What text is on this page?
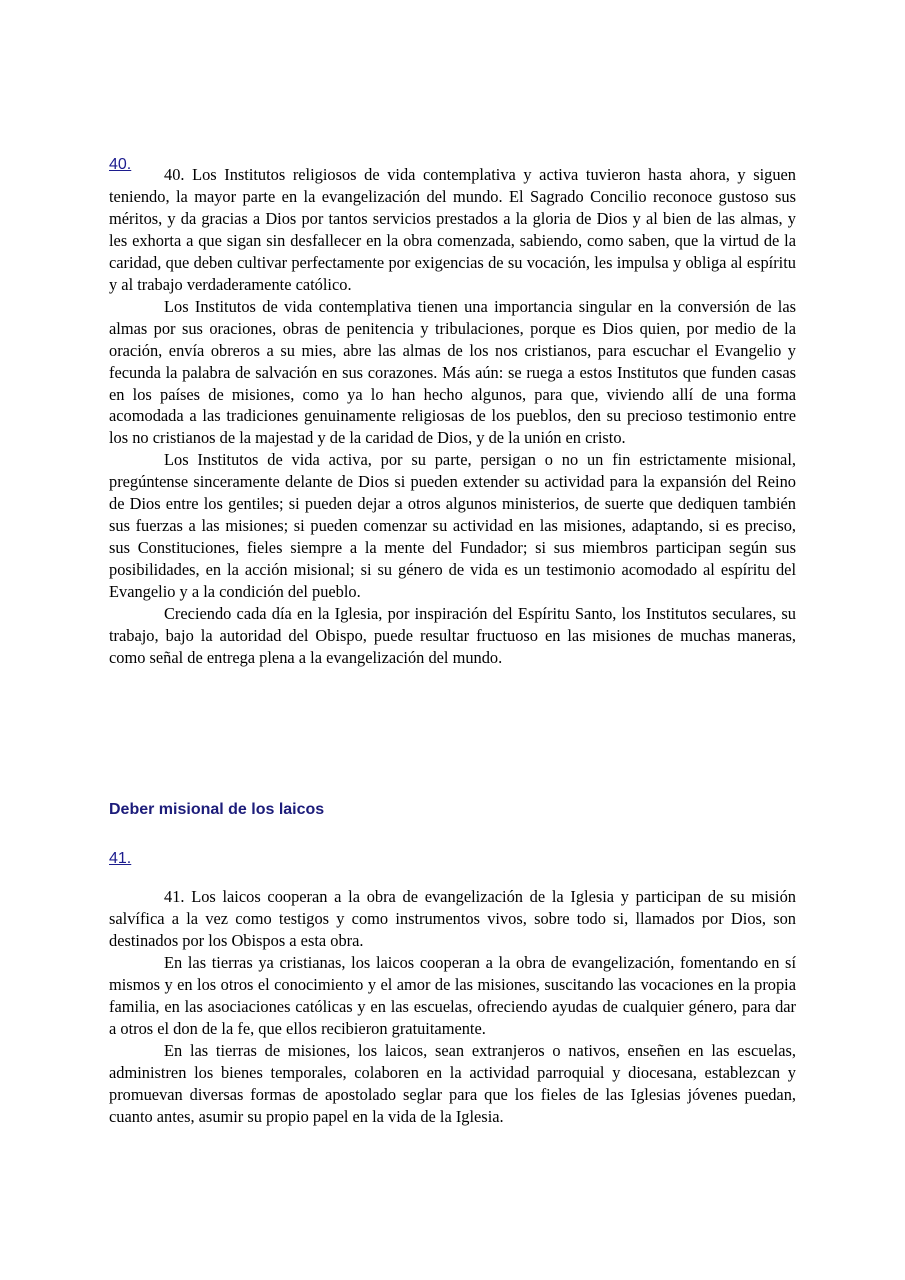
40.

40. Los Institutos religiosos de vida contemplativa y activa tuvieron hasta ahora, y siguen teniendo, la mayor parte en la evangelización del mundo. El Sagrado Concilio reconoce gustoso sus méritos, y da gracias a Dios por tantos servicios prestados a la gloria de Dios y al bien de las almas, y les exhorta a que sigan sin desfallecer en la obra comenzada, sabiendo, como saben, que la virtud de la caridad, que deben cultivar perfectamente por exigencias de su vocación, les impulsa y obliga al espíritu y al trabajo verdaderamente católico.

Los Institutos de vida contemplativa tienen una importancia singular en la conversión de las almas por sus oraciones, obras de penitencia y tribulaciones, porque es Dios quien, por medio de la oración, envía obreros a su mies, abre las almas de los nos cristianos, para escuchar el Evangelio y fecunda la palabra de salvación en sus corazones. Más aún: se ruega a estos Institutos que funden casas en los países de misiones, como ya lo han hecho algunos, para que, viviendo allí de una forma acomodada a las tradiciones genuinamente religiosas de los pueblos, den su precioso testimonio entre los no cristianos de la majestad y de la caridad de Dios, y de la unión en cristo.

Los Institutos de vida activa, por su parte, persigan o no un fin estrictamente misional, pregúntense sinceramente delante de Dios si pueden extender su actividad para la expansión del Reino de Dios entre los gentiles; si pueden dejar a otros algunos ministerios, de suerte que dediquen también sus fuerzas a las misiones; si pueden comenzar su actividad en las misiones, adaptando, si es preciso, sus Constituciones, fieles siempre a la mente del Fundador; si sus miembros participan según sus posibilidades, en la acción misional; si su género de vida es un testimonio acomodado al espíritu del Evangelio y a la condición del pueblo.

Creciendo cada día en la Iglesia, por inspiración del Espíritu Santo, los Institutos seculares, su trabajo, bajo la autoridad del Obispo, puede resultar fructuoso en las misiones de muchas maneras, como señal de entrega plena a la evangelización del mundo.

Deber misional de los laicos
41.

41. Los laicos cooperan a la obra de evangelización de la Iglesia y participan de su misión salvífica a la vez como testigos y como instrumentos vivos, sobre todo si, llamados por Dios, son destinados por los Obispos a esta obra.

En las tierras ya cristianas, los laicos cooperan a la obra de evangelización, fomentando en sí mismos y en los otros el conocimiento y el amor de las misiones, suscitando las vocaciones en la propia familia, en las asociaciones católicas y en las escuelas, ofreciendo ayudas de cualquier género, para dar a otros el don de la fe, que ellos recibieron gratuitamente.

En las tierras de misiones, los laicos, sean extranjeros o nativos, enseñen en las escuelas, administren los bienes temporales, colaboren en la actividad parroquial y diocesana, establezcan y promuevan diversas formas de apostolado seglar para que los fieles de las Iglesias jóvenes puedan, cuanto antes, asumir su propio papel en la vida de la Iglesia.
